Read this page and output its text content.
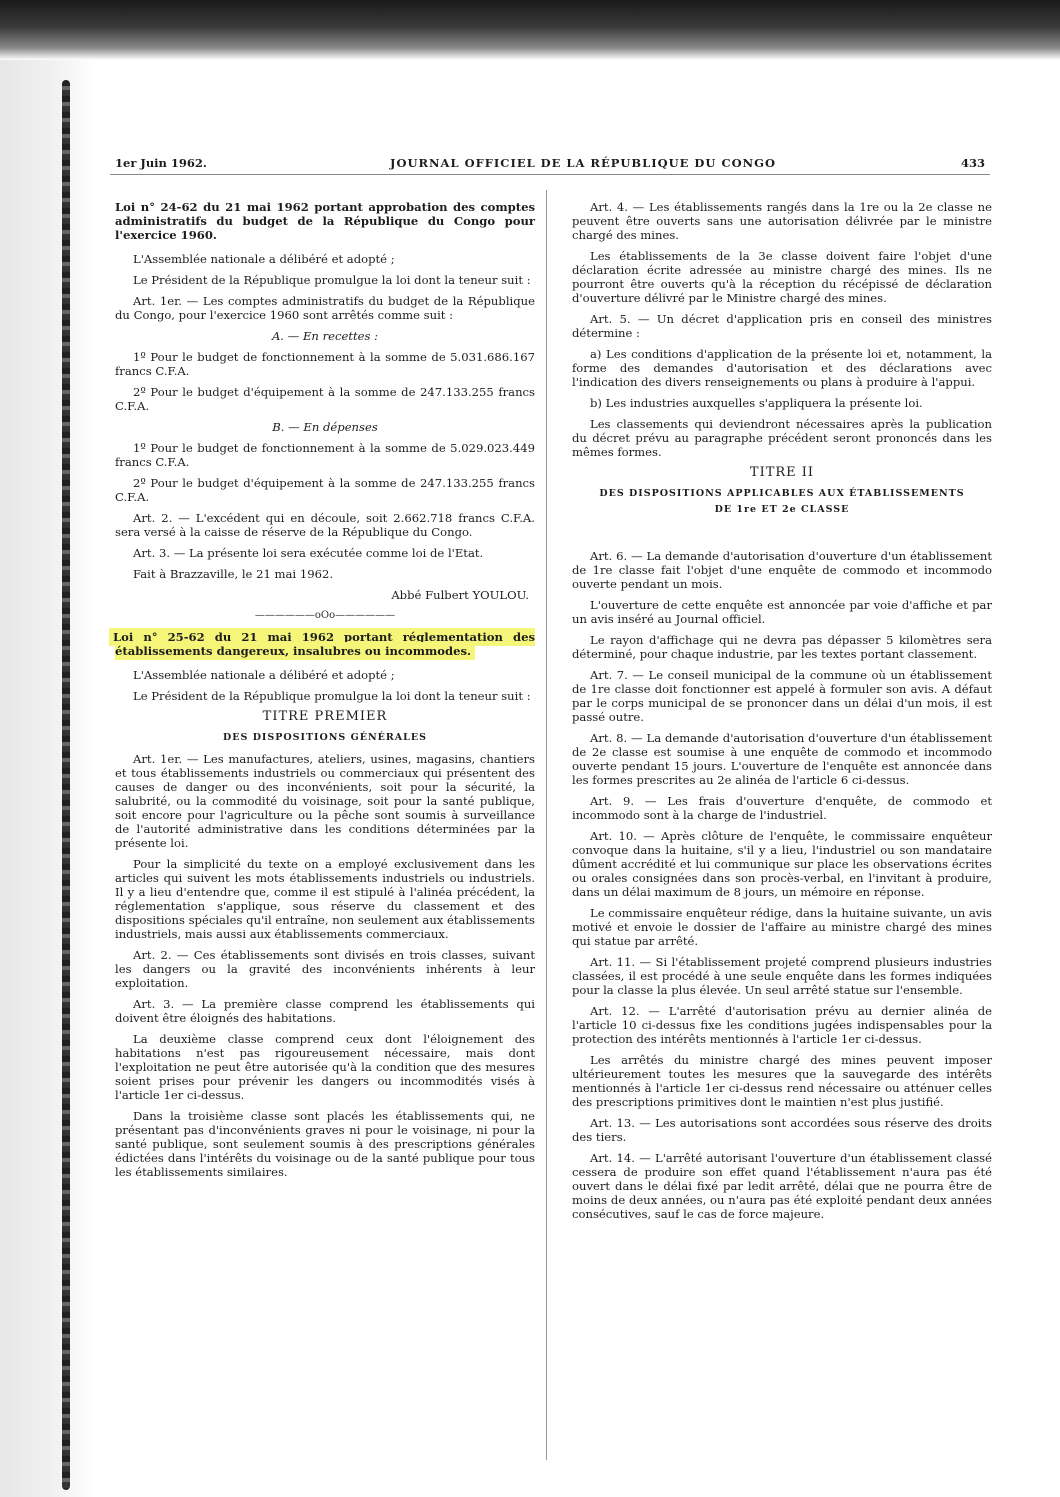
1er Juin 1962.	JOURNAL OFFICIEL DE LA RÉPUBLIQUE DU CONGO	433

Loi n° 24-62 du 21 mai 1962 portant approbation des comptes administratifs du budget de la République du Congo pour l'exercice 1960.

L'Assemblée nationale a délibéré et adopté ;

Le Président de la République promulgue la loi dont la teneur suit :

Art. 1er. — Les comptes administratifs du budget de la République du Congo, pour l'exercice 1960 sont arrêtés comme suit :

A. — En recettes :

1º Pour le budget de fonctionnement à la somme de 5.031.686.167 francs C.F.A.

2º Pour le budget d'équipement à la somme de 247.133.255 francs C.F.A.

B. — En dépenses

1º Pour le budget de fonctionnement à la somme de 5.029.023.449 francs C.F.A.

2º Pour le budget d'équipement à la somme de 247.133.255 francs C.F.A.

Art. 2. — L'excédent qui en découle, soit 2.662.718 francs C.F.A. sera versé à la caisse de réserve de la République du Congo.

Art. 3. — La présente loi sera exécutée comme loi de l'Etat.

Fait à Brazzaville, le 21 mai 1962.

Abbé Fulbert YOULOU.

——————oOo——————

Loi n° 25-62 du 21 mai 1962 portant réglementation des établissements dangereux, insalubres ou incommodes.

L'Assemblée nationale a délibéré et adopté ;

Le Président de la République promulgue la loi dont la teneur suit :

TITRE PREMIER

DES DISPOSITIONS GÉNÉRALES

Art. 1er. — Les manufactures, ateliers, usines, magasins, chantiers et tous établissements industriels ou commerciaux qui présentent des causes de danger ou des inconvénients, soit pour la sécurité, la salubrité, ou la commodité du voisinage, soit pour la santé publique, soit encore pour l'agriculture ou la pêche sont soumis à surveillance de l'autorité administrative dans les conditions déterminées par la présente loi.

Pour la simplicité du texte on a employé exclusivement dans les articles qui suivent les mots établissements industriels ou industriels. Il y a lieu d'entendre que, comme il est stipulé à l'alinéa précédent, la réglementation s'applique, sous réserve du classement et des dispositions spéciales qu'il entraîne, non seulement aux établissements industriels, mais aussi aux établissements commerciaux.

Art. 2. — Ces établissements sont divisés en trois classes, suivant les dangers ou la gravité des inconvénients inhérents à leur exploitation.

Art. 3. — La première classe comprend les établissements qui doivent être éloignés des habitations.

La deuxième classe comprend ceux dont l'éloignement des habitations n'est pas rigoureusement nécessaire, mais dont l'exploitation ne peut être autorisée qu'à la condition que des mesures soient prises pour prévenir les dangers ou incommodités visés à l'article 1er ci-dessus.

Dans la troisième classe sont placés les établissements qui, ne présentant pas d'inconvénients graves ni pour le voisinage, ni pour la santé publique, sont seulement soumis à des prescriptions générales édictées dans l'intérêts du voisinage ou de la santé publique pour tous les établissements similaires.

Art. 4. — Les établissements rangés dans la 1re ou la 2e classe ne peuvent être ouverts sans une autorisation délivrée par le ministre chargé des mines.

Les établissements de la 3e classe doivent faire l'objet d'une déclaration écrite adressée au ministre chargé des mines. Ils ne pourront être ouverts qu'à la réception du récépissé de déclaration d'ouverture délivré par le Ministre chargé des mines.

Art. 5. — Un décret d'application pris en conseil des ministres détermine :

a) Les conditions d'application de la présente loi et, notamment, la forme des demandes d'autorisation et des déclarations avec l'indication des divers renseignements ou plans à produire à l'appui.

b) Les industries auxquelles s'appliquera la présente loi.

Les classements qui deviendront nécessaires après la publication du décret prévu au paragraphe précédent seront prononcés dans les mêmes formes.

TITRE II

DES DISPOSITIONS APPLICABLES AUX ÉTABLISSEMENTS

DE 1re ET 2e CLASSE

Art. 6. — La demande d'autorisation d'ouverture d'un établissement de 1re classe fait l'objet d'une enquête de commodo et incommodo ouverte pendant un mois.

L'ouverture de cette enquête est annoncée par voie d'affiche et par un avis inséré au Journal officiel.

Le rayon d'affichage qui ne devra pas dépasser 5 kilomètres sera déterminé, pour chaque industrie, par les textes portant classement.

Art. 7. — Le conseil municipal de la commune où un établissement de 1re classe doit fonctionner est appelé à formuler son avis. A défaut par le corps municipal de se prononcer dans un délai d'un mois, il est passé outre.

Art. 8. — La demande d'autorisation d'ouverture d'un établissement de 2e classe est soumise à une enquête de commodo et incommodo ouverte pendant 15 jours. L'ouverture de l'enquête est annoncée dans les formes prescrites au 2e alinéa de l'article 6 ci-dessus.

Art. 9. — Les frais d'ouverture d'enquête, de commodo et incommodo sont à la charge de l'industriel.

Art. 10. — Après clôture de l'enquête, le commissaire enquêteur convoque dans la huitaine, s'il y a lieu, l'industriel ou son mandataire dûment accrédité et lui communique sur place les observations écrites ou orales consignées dans son procès-verbal, en l'invitant à produire, dans un délai maximum de 8 jours, un mémoire en réponse.

Le commissaire enquêteur rédige, dans la huitaine suivante, un avis motivé et envoie le dossier de l'affaire au ministre chargé des mines qui statue par arrêté.

Art. 11. — Si l'établissement projeté comprend plusieurs industries classées, il est procédé à une seule enquête dans les formes indiquées pour la classe la plus élevée. Un seul arrêté statue sur l'ensemble.

Art. 12. — L'arrêté d'autorisation prévu au dernier alinéa de l'article 10 ci-dessus fixe les conditions jugées indispensables pour la protection des intérêts mentionnés à l'article 1er ci-dessus.

Les arrêtés du ministre chargé des mines peuvent imposer ultérieurement toutes les mesures que la sauvegarde des intérêts mentionnés à l'article 1er ci-dessus rend nécessaire ou atténuer celles des prescriptions primitives dont le maintien n'est plus justifié.

Art. 13. — Les autorisations sont accordées sous réserve des droits des tiers.

Art. 14. — L'arrêté autorisant l'ouverture d'un établissement classé cessera de produire son effet quand l'établissement n'aura pas été ouvert dans le délai fixé par ledit arrêté, délai que ne pourra être de moins de deux années, ou n'aura pas été exploité pendant deux années consécutives, sauf le cas de force majeure.
